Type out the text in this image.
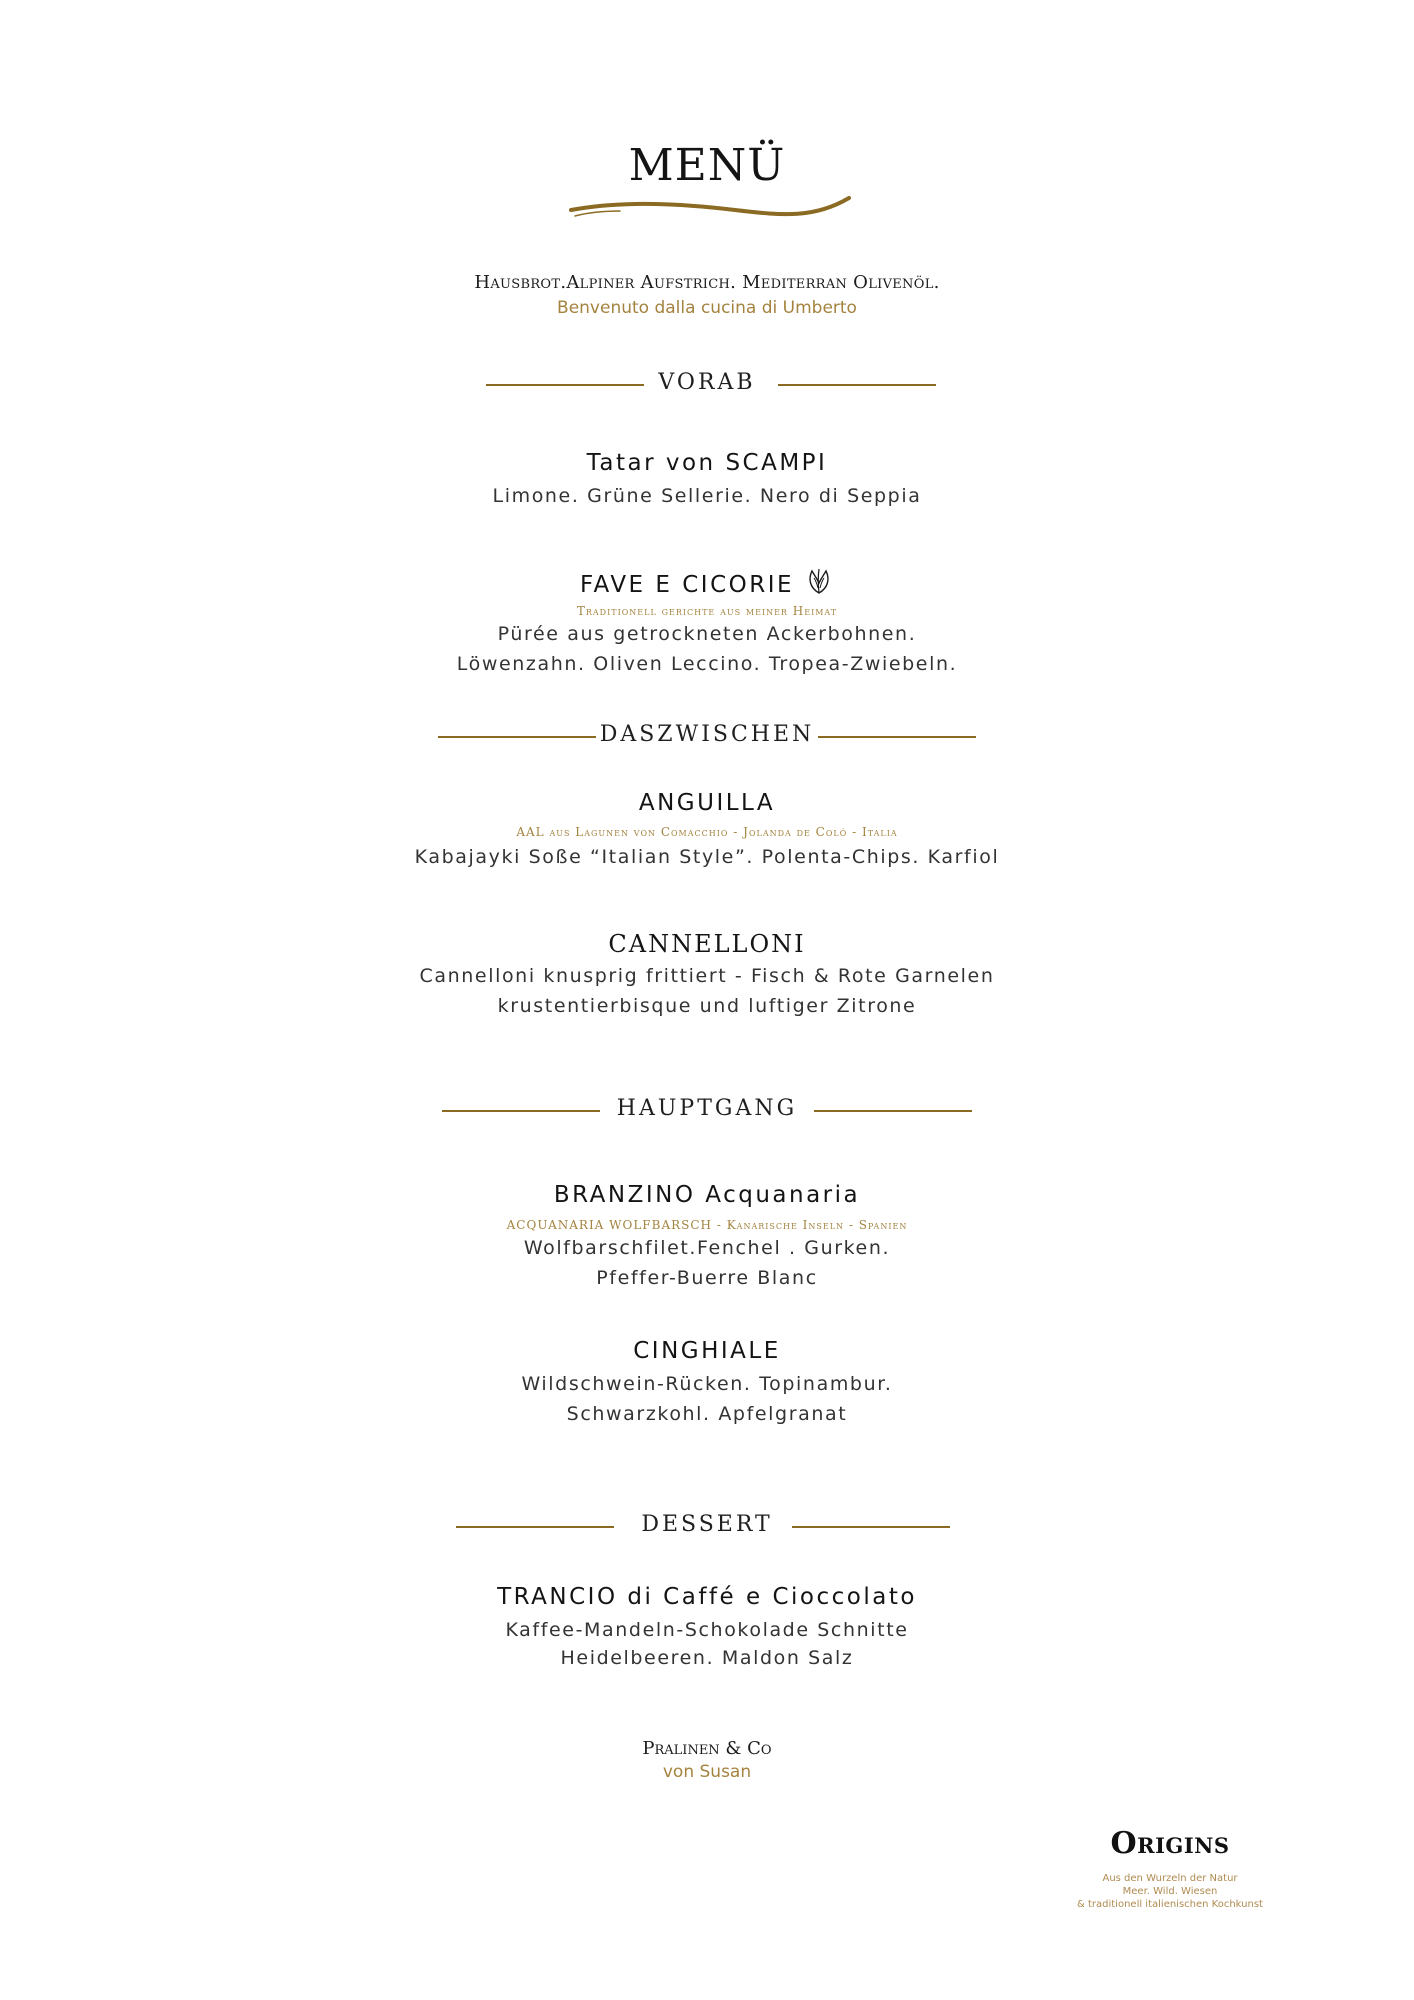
MENÜ
Hausbrot.Alpiner Aufstrich. Mediterran Olivenöl.
Benvenuto dalla cucina di Umberto
VORAB
Tatar von SCAMPI
Limone. Grüne Sellerie. Nero di Seppia
FAVE E CICORIE
Traditionell gerichte aus meiner Heimat
Pürée aus getrockneten Ackerbohnen.
Löwenzahn. Oliven Leccino. Tropea-Zwiebeln.
DASZWISCHEN
ANGUILLA
AAL aus Lagunen von Comacchio - Jolanda de Coló - Italia
Kabajayki Soße “Italian Style”. Polenta-Chips. Karfiol
CANNELLONI
Cannelloni knusprig frittiert - Fisch & Rote Garnelen
krustentierbisque und luftiger Zitrone
HAUPTGANG
BRANZINO Acquanaria
ACQUANARIA WOLFBARSCH - Kanarische Inseln - Spanien
Wolfbarschfilet.Fenchel . Gurken.
Pfeffer-Buerre Blanc
CINGHIALE
Wildschwein-Rücken. Topinambur.
Schwarzkohl. Apfelgranat
DESSERT
TRANCIO di Caffé e Cioccolato
Kaffee-Mandeln-Schokolade Schnitte
Heidelbeeren. Maldon Salz
Pralinen & Co
von Susan
Origins
Aus den Wurzeln der Natur
Meer. Wild. Wiesen
& traditionell italienischen Kochkunst
